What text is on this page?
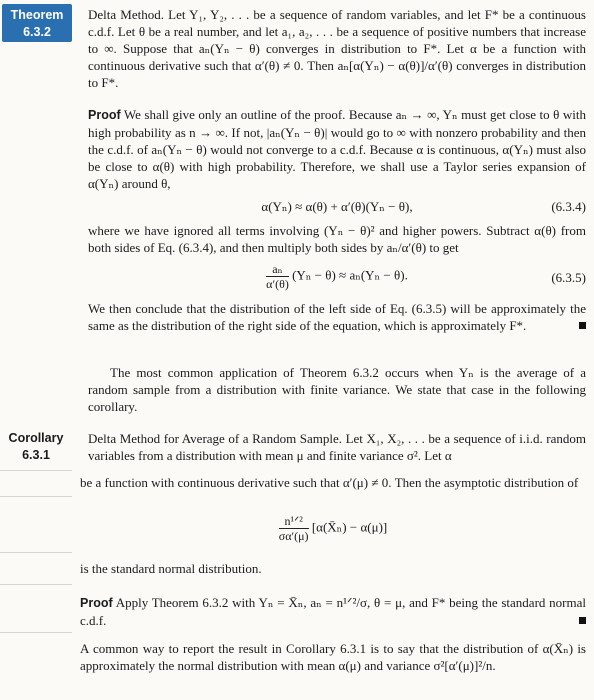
Theorem
6.3.2
Delta Method. Let Y₁, Y₂, . . . be a sequence of random variables, and let F* be a continuous c.d.f. Let θ be a real number, and let a₁, a₂, . . . be a sequence of positive numbers that increase to ∞. Suppose that aₙ(Yₙ − θ) converges in distribution to F*. Let α be a function with continuous derivative such that α′(θ) ≠ 0. Then aₙ[α(Yₙ) − α(θ)]/α′(θ) converges in distribution to F*.
Proof We shall give only an outline of the proof. Because aₙ → ∞, Yₙ must get close to θ with high probability as n → ∞. If not, |aₙ(Yₙ − θ)| would go to ∞ with nonzero probability and then the c.d.f. of aₙ(Yₙ − θ) would not converge to a c.d.f. Because α is continuous, α(Yₙ) must also be close to α(θ) with high probability. Therefore, we shall use a Taylor series expansion of α(Yₙ) around θ,
α(Yₙ) ≈ α(θ) + α′(θ)(Yₙ − θ),	(6.3.4)
where we have ignored all terms involving (Yₙ − θ)² and higher powers. Subtract α(θ) from both sides of Eq. (6.3.4), and then multiply both sides by aₙ/α′(θ) to get
$\frac{\text{aₙ}}{\alpha'(\theta)} (Y_n - \theta) \approx a_n(Y_n - \theta)$.	(6.3.5)
We then conclude that the distribution of the left side of Eq. (6.3.5) will be approximately the same as the distribution of the right side of the equation, which is approximately F*.
The most common application of Theorem 6.3.2 occurs when Yₙ is the average of a random sample from a distribution with finite variance. We state that case in the following corollary.
Corollary
6.3.1
Delta Method for Average of a Random Sample. Let X₁, X₂, . . . be a sequence of i.i.d. random variables from a distribution with mean μ and finite variance σ². Let α
be a function with continuous derivative such that α′(μ) ≠ 0. Then the asymptotic distribution of
$\frac{\text{n¹ᐟ²}}{\sigma\alpha'(\mu)}$ [α(X̄ₙ) − α(μ)]
is the standard normal distribution.
Proof Apply Theorem 6.3.2 with Yₙ = X̄ₙ, aₙ = n¹ᐟ²/σ, θ = μ, and F* being the standard normal c.d.f.
A common way to report the result in Corollary 6.3.1 is to say that the distribution of α(X̄ₙ) is approximately the normal distribution with mean α(μ) and variance σ²[α′(μ)]²/n.
